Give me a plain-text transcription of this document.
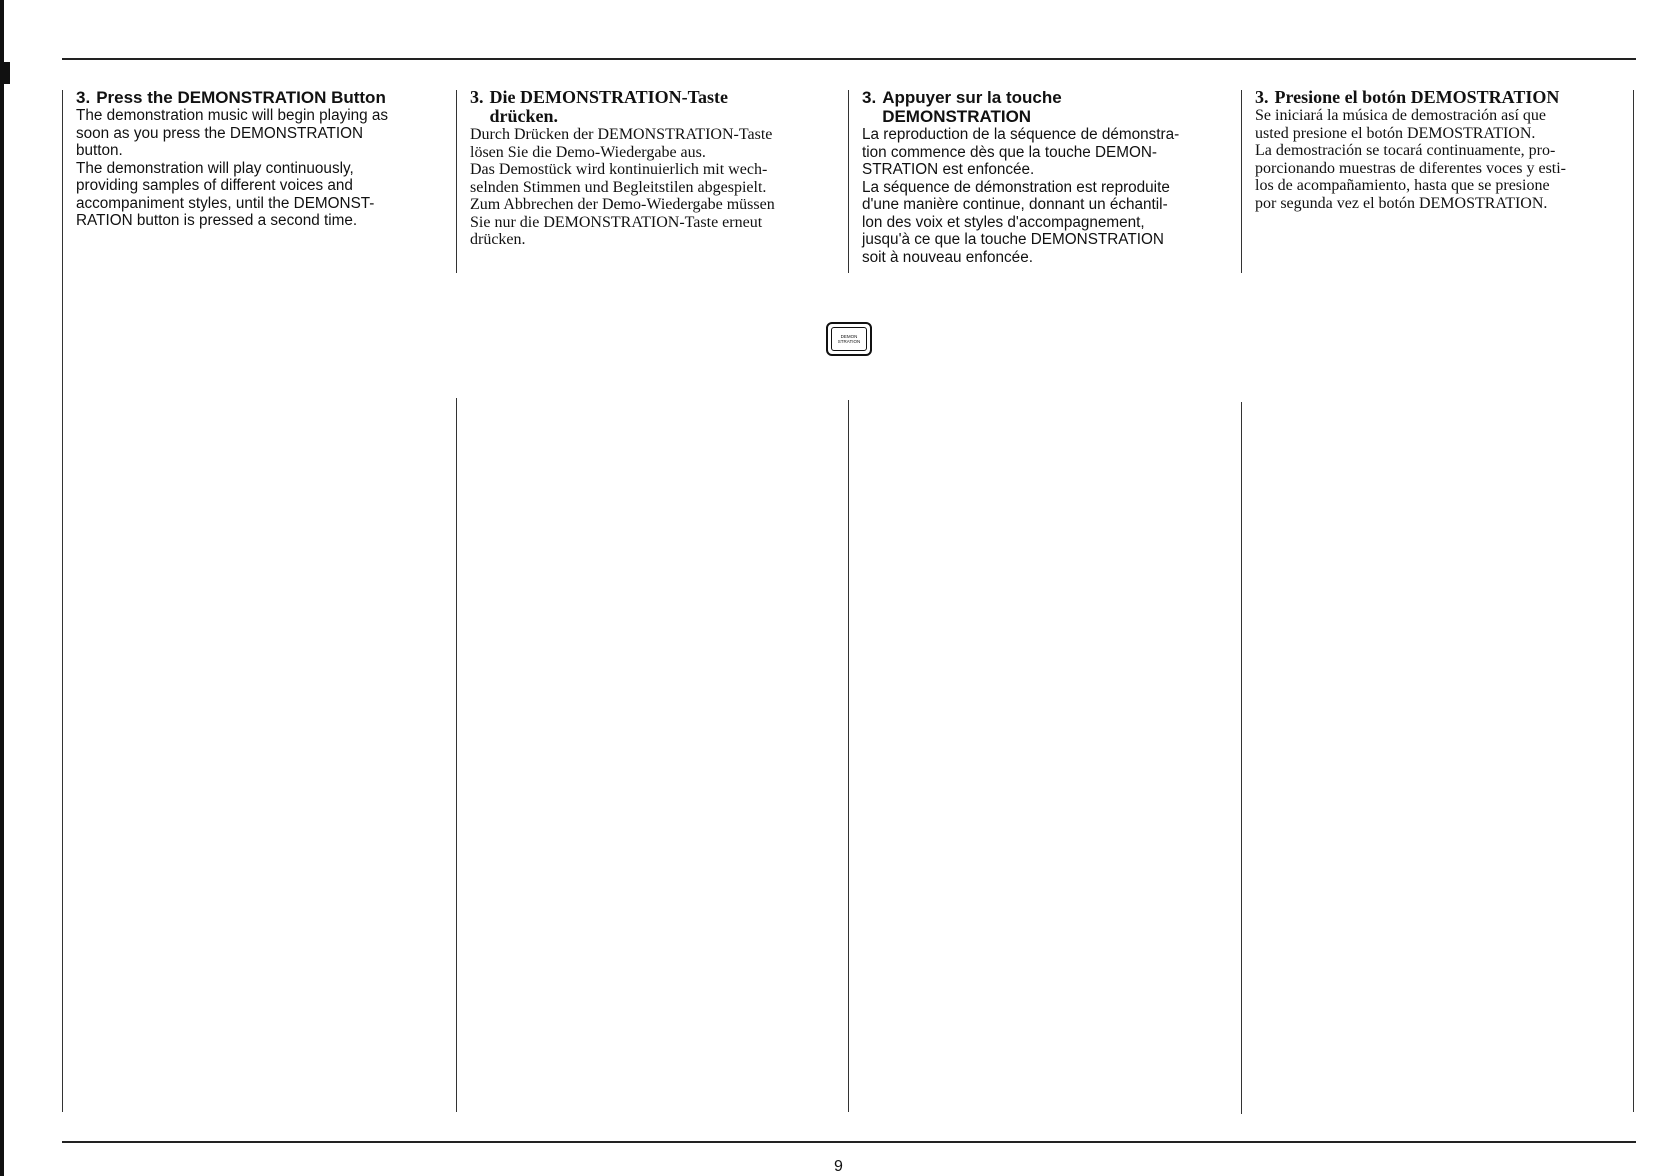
3. Press the DEMONSTRATION Button

The demonstration music will begin playing as
soon as you press the DEMONSTRATION
button.
The demonstration will play continuously,
providing samples of different voices and
accompaniment styles, until the DEMONST-
RATION button is pressed a second time.

3. Die DEMONSTRATION-Taste
drücken.

Durch Drücken der DEMONSTRATION-Taste
lösen Sie die Demo-Wiedergabe aus.
Das Demostück wird kontinuierlich mit wech-
selnden Stimmen und Begleitstilen abgespielt.
Zum Abbrechen der Demo-Wiedergabe müssen
Sie nur die DEMONSTRATION-Taste erneut
drücken.

3. Appuyer sur la touche
DEMONSTRATION

La reproduction de la séquence de démonstra-
tion commence dès que la touche DEMON-
STRATION est enfoncée.
La séquence de démonstration est reproduite
d'une manière continue, donnant un échantil-
lon des voix et styles d'accompagnement,
jusqu'à ce que la touche DEMONSTRATION
soit à nouveau enfoncée.

3. Presione el botón DEMOSTRATION

Se iniciará la música de demostración así que
usted presione el botón DEMOSTRATION.
La demostración se tocará continuamente, pro-
porcionando muestras de diferentes voces y esti-
los de acompañamiento, hasta que se presione
por segunda vez el botón DEMOSTRATION.

DEMON
STRATION
9
